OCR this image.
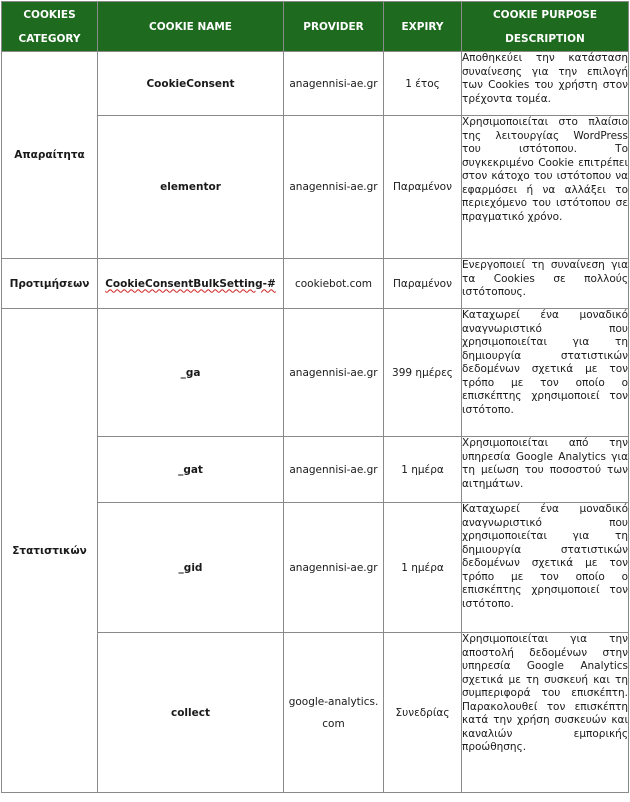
COOKIES
CATEGORY	COOKIE NAME	PROVIDER	EXPIRY	COOKIE PURPOSE
DESCRIPTION

Απαραίτητα	CookieConsent	anagennisi-ae.gr	1 έτος	Αποθηκεύει την κατάσταση συναίνεσης για την επιλογή των Cookies του χρήστη στον τρέχοντα τομέα.
	elementor	anagennisi-ae.gr	Παραμένον	Χρησιμοποιείται στο πλαίσιο της λειτουργίας WordPress του ιστότοπου. Το συγκεκριμένο Cookie επιτρέπει στον κάτοχο του ιστότοπου να εφαρμόσει ή να αλλάξει το περιεχόμενο του ιστότοπου σε πραγματικό χρόνο.
Προτιμήσεων	CookieConsentBulkSetting-#	cookiebot.com	Παραμένον	Ενεργοποιεί τη συναίνεση για τα Cookies σε πολλούς ιστότοπους.
Στατιστικών	_ga	anagennisi-ae.gr	399 ημέρες	Καταχωρεί ένα μοναδικό αναγνωριστικό που χρησιμοποιείται για τη δημιουργία στατιστικών δεδομένων σχετικά με τον τρόπο με τον οποίο ο επισκέπτης χρησιμοποιεί τον ιστότοπο.
	_gat	anagennisi-ae.gr	1 ημέρα	Χρησιμοποιείται από την υπηρεσία Google Analytics για τη μείωση του ποσοστού των αιτημάτων.
	_gid	anagennisi-ae.gr	1 ημέρα	Καταχωρεί ένα μοναδικό αναγνωριστικό που χρησιμοποιείται για τη δημιουργία στατιστικών δεδομένων σχετικά με τον τρόπο με τον οποίο ο επισκέπτης χρησιμοποιεί τον ιστότοπο.
	collect	google-analytics.
com	Συνεδρίας	Χρησιμοποιείται για την αποστολή δεδομένων στην υπηρεσία Google Analytics σχετικά με τη συσκευή και τη συμπεριφορά του επισκέπτη. Παρακολουθεί τον επισκέπτη κατά την χρήση συσκευών και καναλιών εμπορικής προώθησης.
